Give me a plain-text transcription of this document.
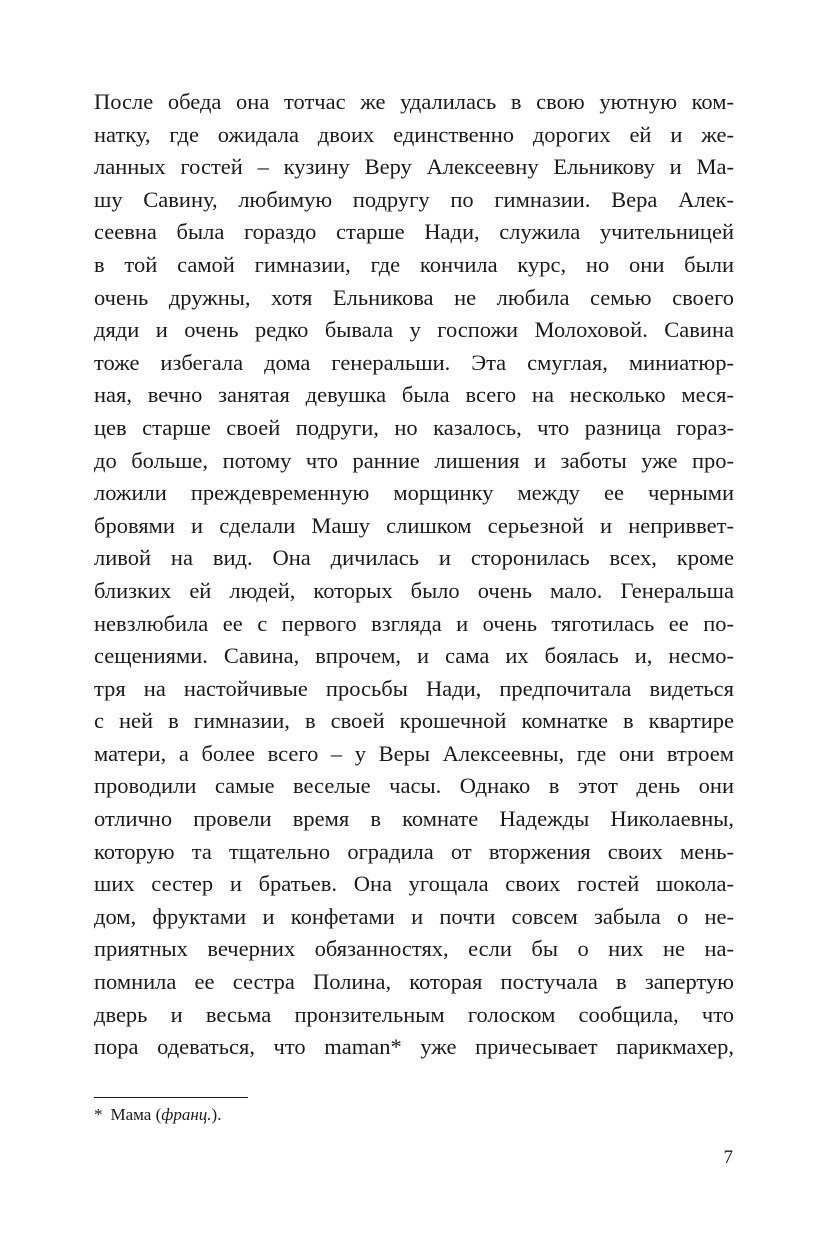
После обеда она тотчас же удалилась в свою уютную ком-
натку, где ожидала двоих единственно дорогих ей и же-
ланных гостей – кузину Веру Алексеевну Ельникову и Ма-
шу Савину, любимую подругу по гимназии. Вера Алек-
сеевна была гораздо старше Нади, служила учительницей
в той самой гимназии, где кончила курс, но они были
очень дружны, хотя Ельникова не любила семью своего
дяди и очень редко бывала у госпожи Молоховой. Савина
тоже избегала дома генеральши. Эта смуглая, миниатюр-
ная, вечно занятая девушка была всего на несколько меся-
цев старше своей подруги, но казалось, что разница гораз-
до больше, потому что ранние лишения и заботы уже про-
ложили преждевременную морщинку между ее черными
бровями и сделали Машу слишком серьезной и неприввет-
ливой на вид. Она дичилась и сторонилась всех, кроме
близких ей людей, которых было очень мало. Генеральша
невзлюбила ее с первого взгляда и очень тяготилась ее по-
сещениями. Савина, впрочем, и сама их боялась и, несмо-
тря на настойчивые просьбы Нади, предпочитала видеться
с ней в гимназии, в своей крошечной комнатке в квартире
матери, а более всего – у Веры Алексеевны, где они втроем
проводили самые веселые часы. Однако в этот день они
отлично провели время в комнате Надежды Николаевны,
которую та тщательно оградила от вторжения своих мень-
ших сестер и братьев. Она угощала своих гостей шокола-
дом, фруктами и конфетами и почти совсем забыла о не-
приятных вечерних обязанностях, если бы о них не на-
помнила ее сестра Полина, которая постучала в запертую
дверь и весьма пронзительным голоском сообщила, что
пора одеваться, что maman* уже причесывает парикмахер,
* Мама (франц.).
7
